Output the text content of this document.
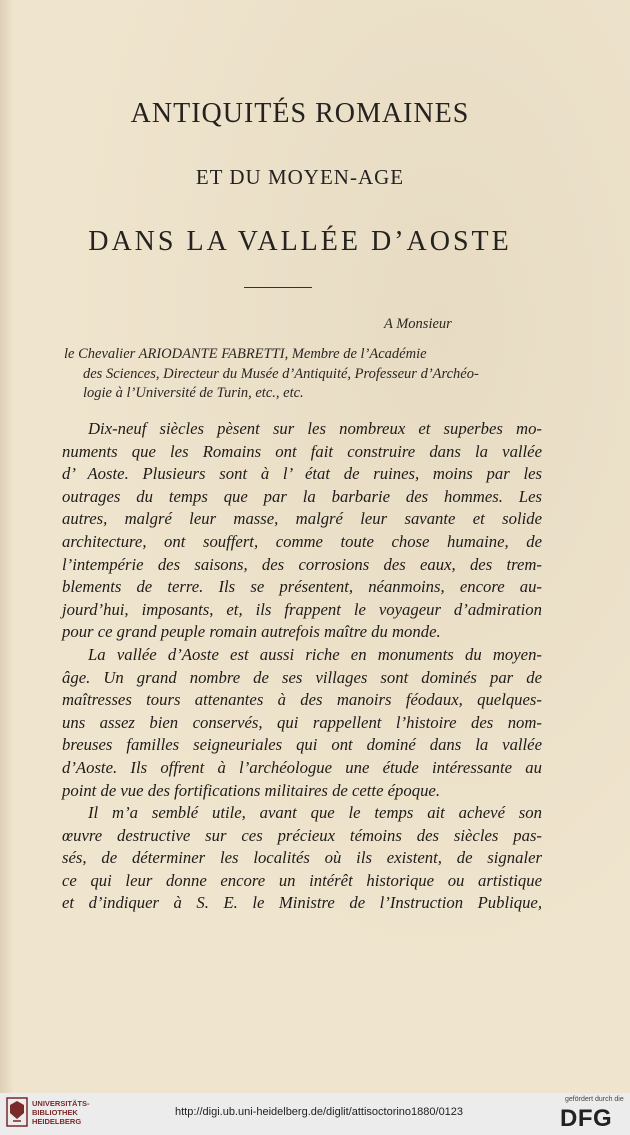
ANTIQUITÉS ROMAINES
ET DU MOYEN-AGE
DANS LA VALLÉE D’AOSTE
A Monsieur
le Chevalier ARIODANTE FABRETTI, Membre de l’Académie
des Sciences, Directeur du Musée d’Antiquité, Professeur d’Archéo-
logie à l’Université de Turin, etc., etc.
Dix-neuf siècles pèsent sur les nombreux et superbes mo-
numents que les Romains ont fait construire dans la vallée
d’ Aoste. Plusieurs sont à l’ état de ruines, moins par les
outrages du temps que par la barbarie des hommes. Les
autres, malgré leur masse, malgré leur savante et solide
architecture, ont souffert, comme toute chose humaine, de
l’intempérie des saisons, des corrosions des eaux, des trem-
blements de terre. Ils se présentent, néanmoins, encore au-
jourd’hui, imposants, et, ils frappent le voyageur d’admiration
pour ce grand peuple romain autrefois maître du monde.
La vallée d’Aoste est aussi riche en monuments du moyen-
âge. Un grand nombre de ses villages sont dominés par de
maîtresses tours attenantes à des manoirs féodaux, quelques-
uns assez bien conservés, qui rappellent l’histoire des nom-
breuses familles seigneuriales qui ont dominé dans la vallée
d’Aoste. Ils offrent à l’archéologue une étude intéressante au
point de vue des fortifications militaires de cette époque.
Il m’a semblé utile, avant que le temps ait achevé son
œuvre destructive sur ces précieux témoins des siècles pas-
sés, de déterminer les localités où ils existent, de signaler
ce qui leur donne encore un intérêt historique ou artistique
et d’indiquer à S. E. le Ministre de l’Instruction Publique,
UNIVERSITÄTS-
BIBLIOTHEK
HEIDELBERG
http://digi.ub.uni-heidelberg.de/diglit/attisoctorino1880/0123
gefördert durch die
DFG
